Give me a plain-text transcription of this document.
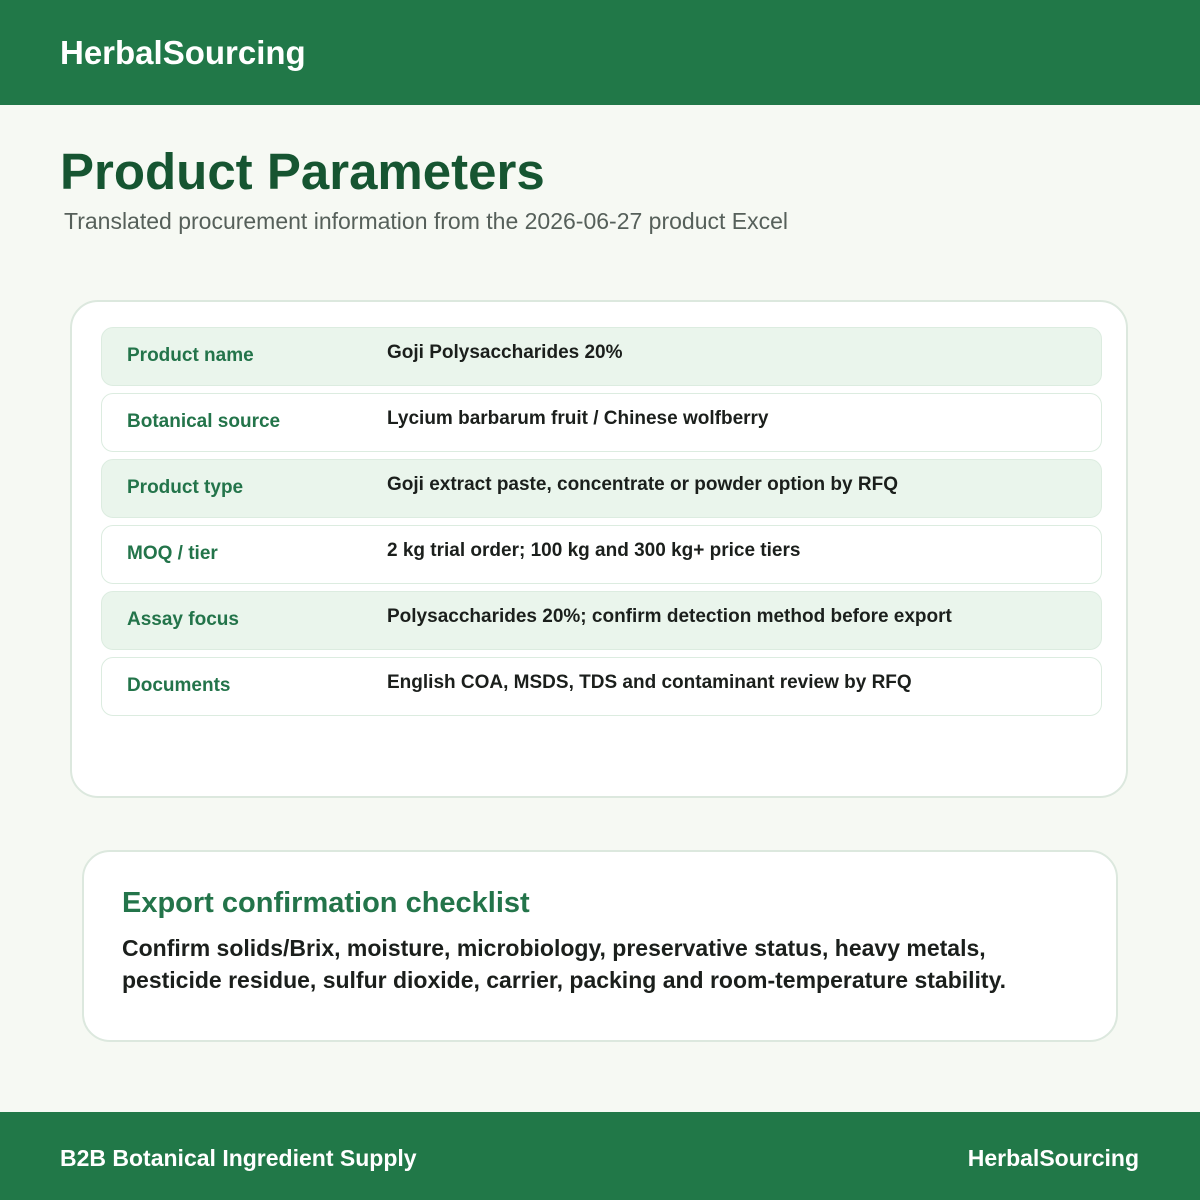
HerbalSourcing
Product Parameters
Translated procurement information from the 2026-06-27 product Excel
Product name	Goji Polysaccharides 20%
Botanical source	Lycium barbarum fruit / Chinese wolfberry
Product type	Goji extract paste, concentrate or powder option by RFQ
MOQ / tier	2 kg trial order; 100 kg and 300 kg+ price tiers
Assay focus	Polysaccharides 20%; confirm detection method before export
Documents	English COA, MSDS, TDS and contaminant review by RFQ
Export confirmation checklist
Confirm solids/Brix, moisture, microbiology, preservative status, heavy metals, pesticide residue, sulfur dioxide, carrier, packing and room-temperature stability.
B2B Botanical Ingredient Supply	HerbalSourcing
